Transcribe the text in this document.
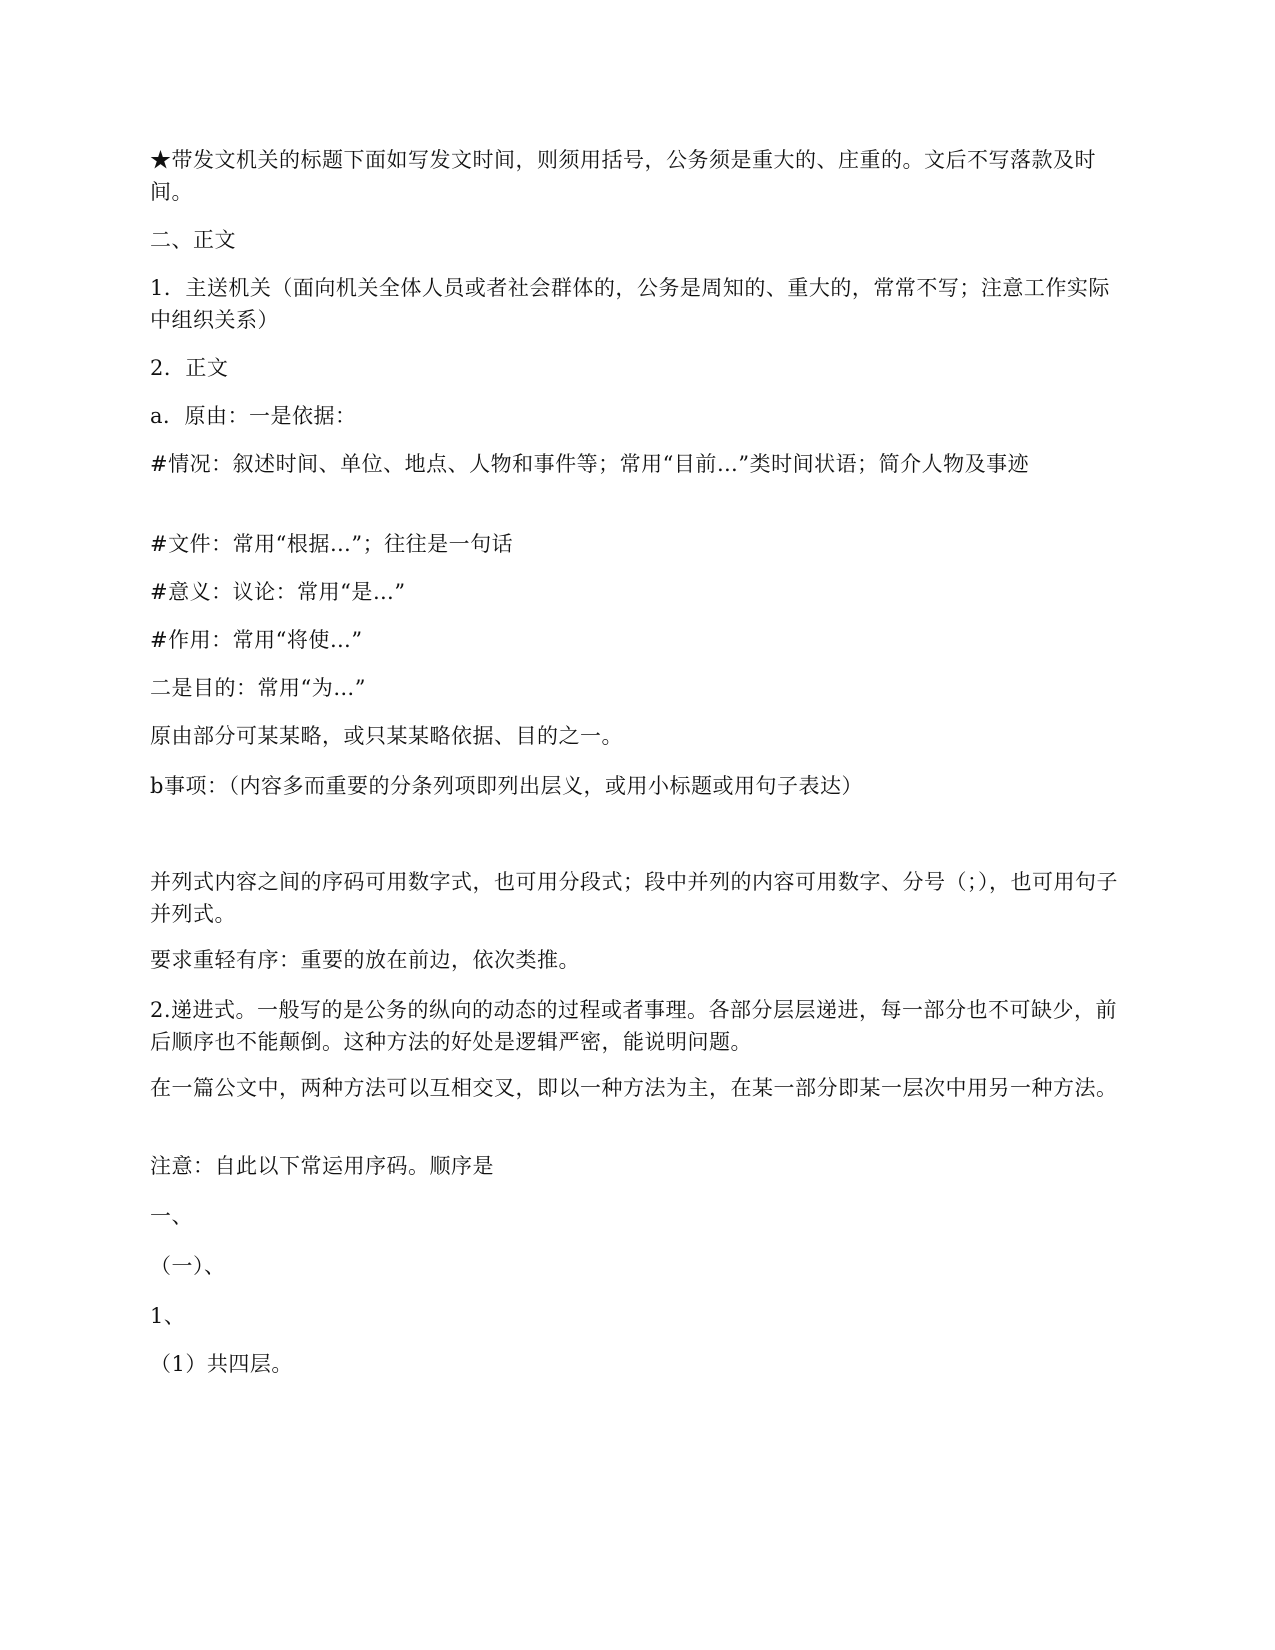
★带发文机关的标题下面如写发文时间，则须用括号，公务须是重大的、庄重的。文后不写落款及时间。

二、正文

1．主送机关（面向机关全体人员或者社会群体的，公务是周知的、重大的，常常不写；注意工作实际中组织关系）

2．正文

a．原由：一是依据：

#情况：叙述时间、单位、地点、人物和事件等；常用“目前…”类时间状语；简介人物及事迹

#文件：常用“根据…”；往往是一句话

#意义：议论：常用“是…”

#作用：常用“将使…”

二是目的：常用“为…”

原由部分可某某略，或只某某略依据、目的之一。

b事项：（内容多而重要的分条列项即列出层义，或用小标题或用句子表达）

并列式内容之间的序码可用数字式，也可用分段式；段中并列的内容可用数字、分号（；），也可用句子并列式。

要求重轻有序：重要的放在前边，依次类推。

2.递进式。一般写的是公务的纵向的动态的过程或者事理。各部分层层递进，每一部分也不可缺少，前后顺序也不能颠倒。这种方法的好处是逻辑严密，能说明问题。

在一篇公文中，两种方法可以互相交叉，即以一种方法为主，在某一部分即某一层次中用另一种方法。

注意：自此以下常运用序码。顺序是

一、

（一）、

1、

（1）共四层。
